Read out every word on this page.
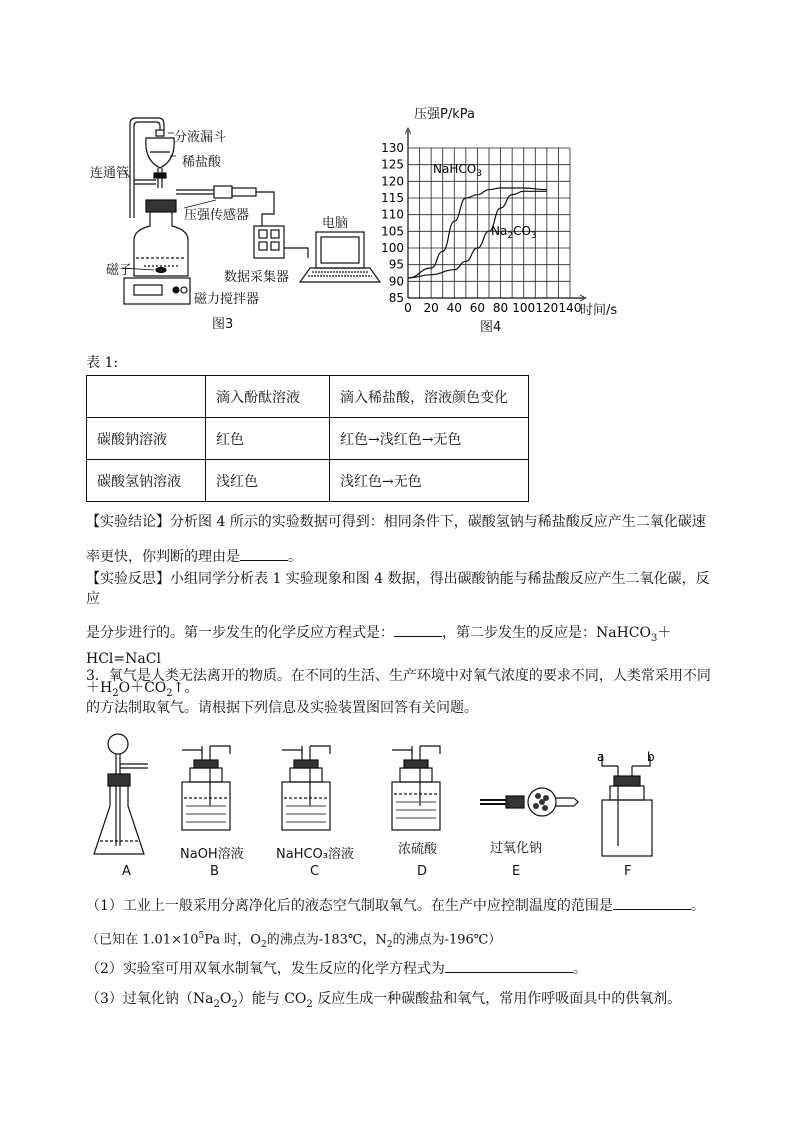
分液漏斗
稀盐酸
连通管
压强传感器
电脑
磁子	数据采集器
磁力搅拌器
图3
压强P/kPa
130
125
120
115
110
105
100
95
90
85
0 20 40 60 80 100 120 140
NaHCO$_3$
$Na_2CO_3$
时间/s
图4
表 1:
	滴入酚酞溶液	滴入稀盐酸，溶液颜色变化
碳酸钠溶液	红色	红色→浅红色→无色
碳酸氢钠溶液	浅红色	浅红色→无色
【实验结论】分析图 4 所示的实验数据可得到：相同条件下，碳酸氢钠与稀盐酸反应产生二氧化碳速
率更快，你判断的理由是	。
【实验反思】小组同学分析表 1 实验现象和图 4 数据，得出碳酸钠能与稀盐酸反应产生二氧化碳，反应
是分步进行的。第一步发生的化学反应方程式是：	，第二步发生的反应是：NaHCO$_3$＋HCl=NaCl
$+H_2O+CO_2↑$。
3．氧气是人类无法离开的物质。在不同的生活、生产环境中对氧气浓度的要求不同，人类常采用不同
的方法制取氧气。请根据下列信息及实验装置图回答有关问题。
a	b
NaOH溶液 NaHCO₃溶液	浓硫酸	过氧化钠
A	B	C	D	E	F
（1）工业上一般采用分离净化后的液态空气制取氧气。在生产中应控制温度的范围是	。
（已知在 $1.01\times 10^5Pa$ 时，$O_2$的沸点为-183℃，$N_2$的沸点为-196℃）
（2）实验室可用双氧水制氧气，发生反应的化学方程式为	。
（3）过氧化钠$(Na_2O_2)$能与 $CO_2$ 反应生成一种碳酸盐和氧气，常用作呼吸面具中的供氧剂。
